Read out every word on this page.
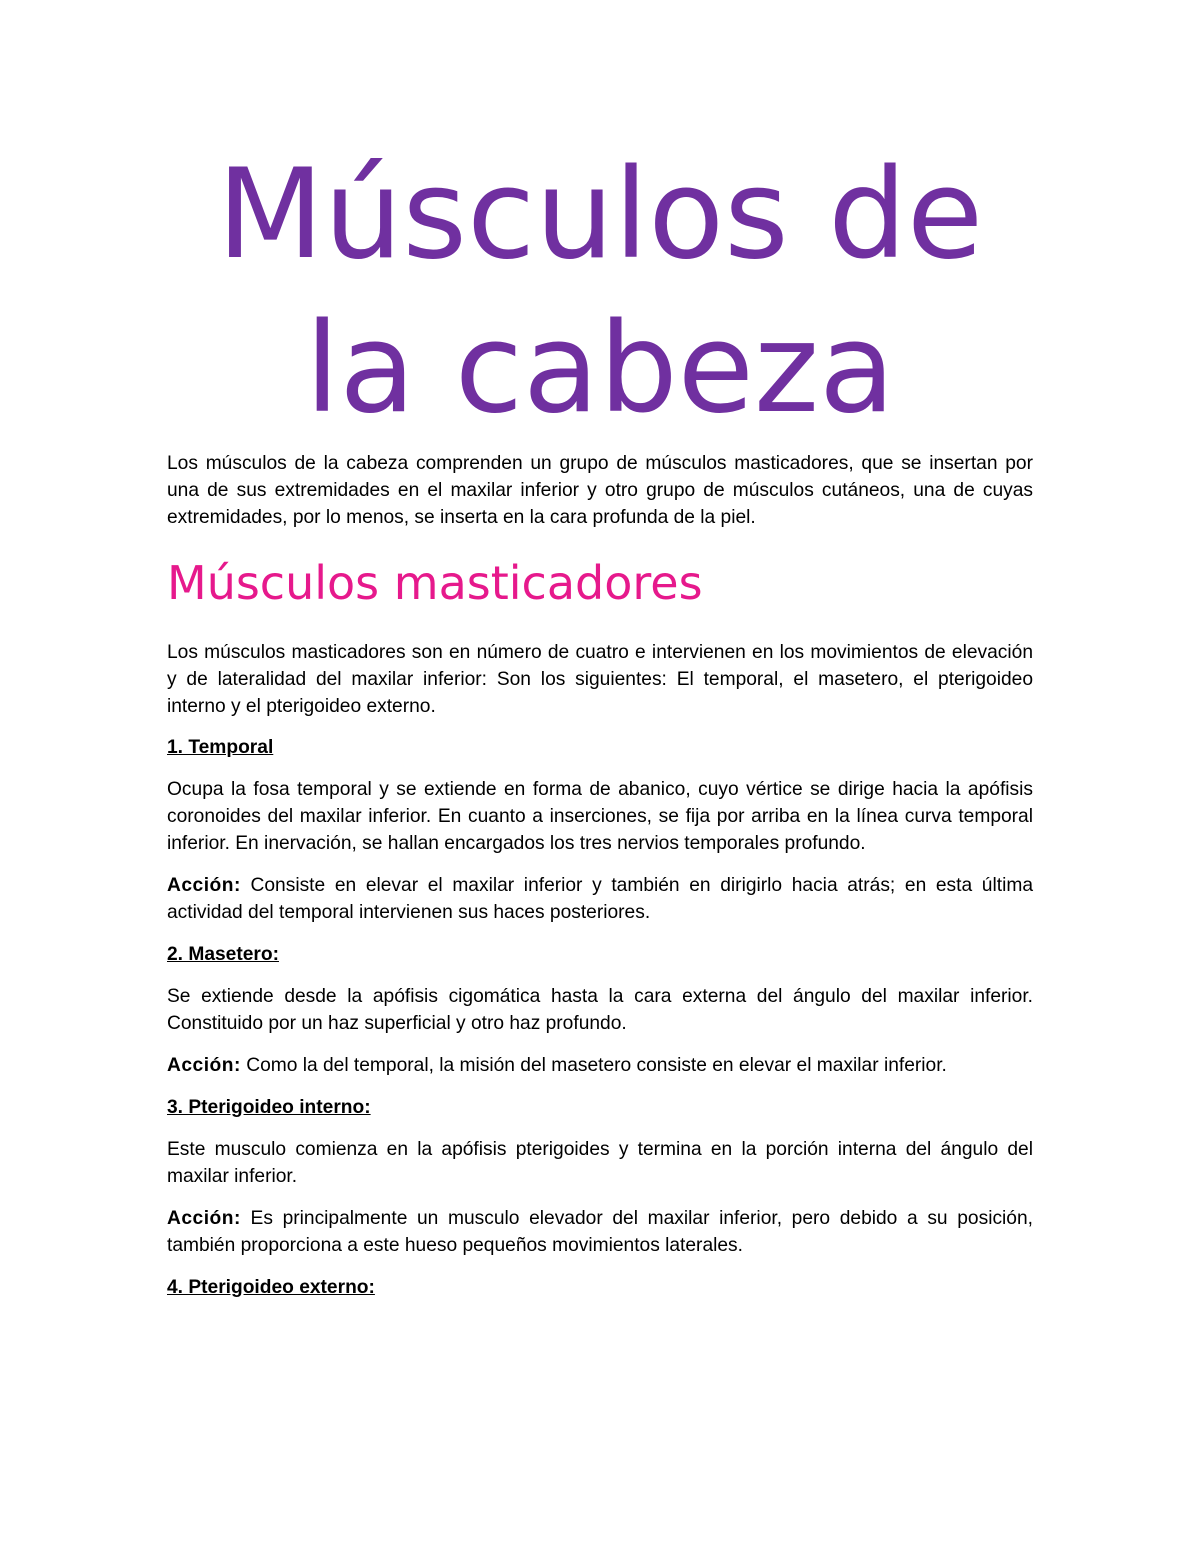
Músculos de
la cabeza

Los músculos de la cabeza comprenden un grupo de músculos masticadores, que se insertan por una de sus extremidades en el maxilar inferior y otro grupo de músculos cutáneos, una de cuyas extremidades, por lo menos, se inserta en la cara profunda de la piel.

Músculos masticadores

Los músculos masticadores son en número de cuatro e intervienen en los movimientos de elevación y de lateralidad del maxilar inferior: Son los siguientes: El temporal, el masetero, el pterigoideo interno y el pterigoideo externo.

1. Temporal

Ocupa la fosa temporal y se extiende en forma de abanico, cuyo vértice se dirige hacia la apófisis coronoides del maxilar inferior. En cuanto a inserciones, se fija por arriba en la línea curva temporal inferior. En inervación, se hallan encargados los tres nervios temporales profundo.

Acción: Consiste en elevar el maxilar inferior y también en dirigirlo hacia atrás; en esta última actividad del temporal intervienen sus haces posteriores.

2. Masetero:

Se extiende desde la apófisis cigomática hasta la cara externa del ángulo del maxilar inferior. Constituido por un haz superficial y otro haz profundo.

Acción: Como la del temporal, la misión del masetero consiste en elevar el maxilar inferior.

3. Pterigoideo interno:

Este musculo comienza en la apófisis pterigoides y termina en la porción interna del ángulo del maxilar inferior.

Acción: Es principalmente un musculo elevador del maxilar inferior, pero debido a su posición, también proporciona a este hueso pequeños movimientos laterales.

4. Pterigoideo externo:
